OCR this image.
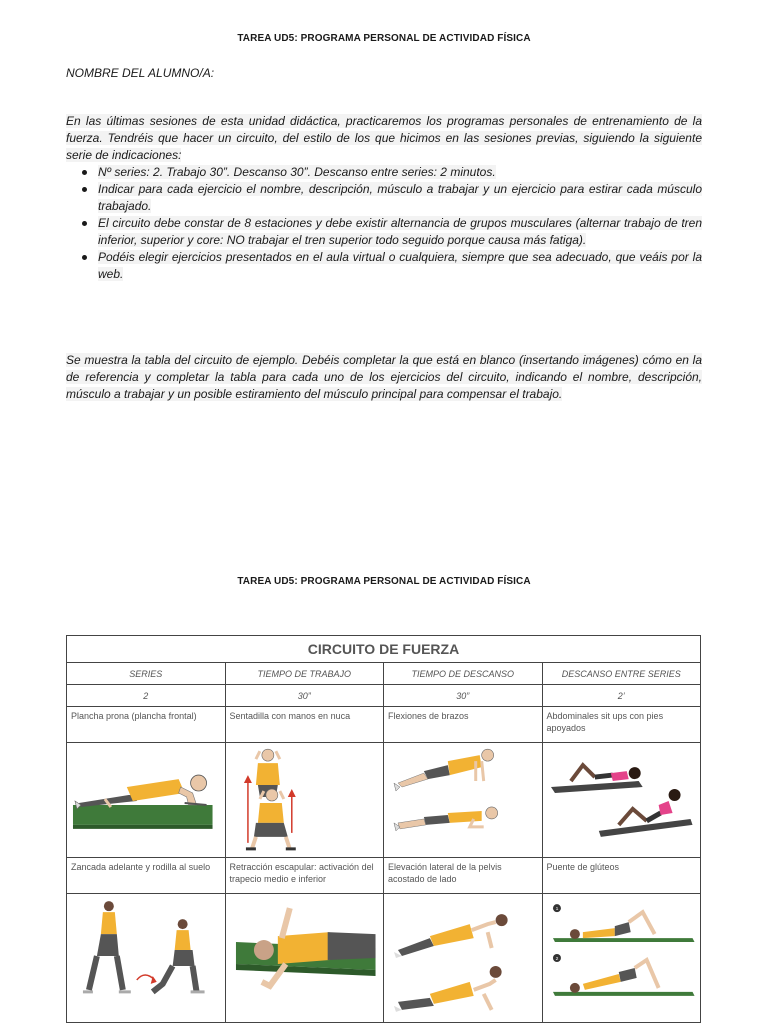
TAREA UD5: PROGRAMA PERSONAL DE ACTIVIDAD FÍSICA
NOMBRE DEL ALUMNO/A:
En las últimas sesiones de esta unidad didáctica, practicaremos los programas personales de entrenamiento de la fuerza. Tendréis que hacer un circuito, del estilo de los que hicimos en las sesiones previas, siguiendo la siguiente serie de indicaciones:
Nº series: 2. Trabajo 30”. Descanso 30”. Descanso entre series: 2 minutos.
Indicar para cada ejercicio el nombre, descripción, músculo a trabajar y un ejercicio para estirar cada músculo trabajado.
El circuito debe constar de 8 estaciones y debe existir alternancia de grupos musculares (alternar trabajo de tren inferior, superior y core: NO trabajar el tren superior todo seguido porque causa más fatiga).
Podéis elegir ejercicios presentados en el aula virtual o cualquiera, siempre que sea adecuado, que veáis por la web.
Se muestra la tabla del circuito de ejemplo. Debéis completar la que está en blanco (insertando imágenes) cómo en la de referencia y completar la tabla para cada uno de los ejercicios del circuito, indicando el nombre, descripción, músculo a trabajar y un posible estiramiento del músculo principal para compensar el trabajo.
TAREA UD5: PROGRAMA PERSONAL DE ACTIVIDAD FÍSICA
CIRCUITO DE FUERZA			
SERIES	TIEMPO DE TRABAJO	TIEMPO DE DESCANSO	DESCANSO ENTRE SERIES
2	30”	30”	2’
Plancha prona (plancha frontal)	Sentadilla con manos en nuca	Flexiones de brazos	Abdominales sit ups con pies apoyados

Zancada adelante y rodilla al suelo	Retracción escapular: activación del trapecio medio e inferior	Elevación lateral de la pelvis acostado de lado	Puente de glúteos

1
2
